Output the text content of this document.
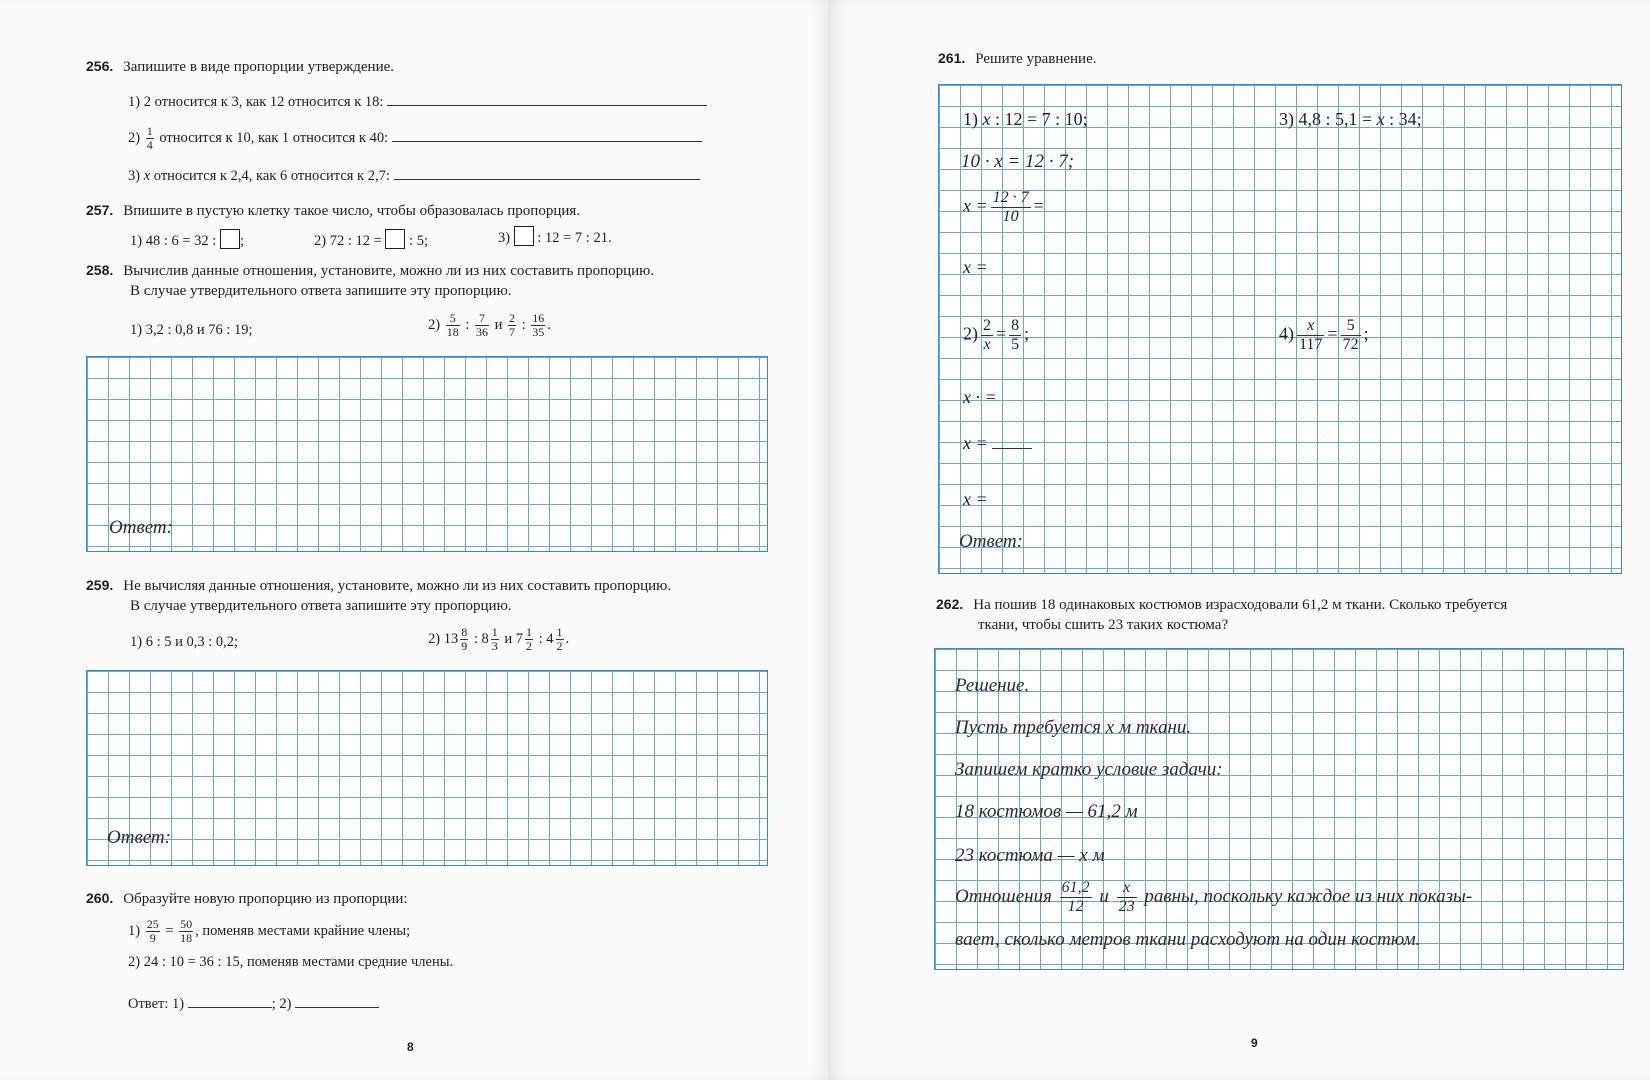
256. Запишите в виде пропорции утверждение.
1) 2 относится к 3, как 12 относится к 18:
$2) \frac{1}{4}$ относится к 10, как 1 относится к 40:
3) x относится к 2,4, как 6 относится к 2,7:
257. Впишите в пустую клетку такое число, чтобы образовалась пропорция.
1) 48 : 6 = 32 : ;	2) 72 : 12 = : 5;	3) : 12 = 7 : 21.
258. Вычислив данные отношения, установите, можно ли из них составить пропорцию.
В случае утвердительного ответа запишите эту пропорцию.
1) 3,2 : 0,8 и 76 : 19;	$2) \frac{5}{18}$ : $\frac{7}{36}$ и $\frac{2}{7}$ : $\frac{16}{35}$ .
Ответ:
259. Не вычисляя данные отношения, установите, можно ли из них составить пропорцию.
В случае утвердительного ответа запишите эту пропорцию.
1) 6 : 5 и 0,3 : 0,2;	2) $13 \frac{8}{9}$ : $8 \frac{1}{3}$ и $7 \frac{1}{2}$ : $4 \frac{1}{2}$ .
Ответ:
260. Образуйте новую пропорцию из пропорции:
$1) \frac{25}{9} = \frac{50}{18}$ , поменяв местами крайние члены;
2) 24 : 10 = 36 : 15, поменяв местами средние члены.
Ответ: 1)	; 2)
8
261. Решите уравнение.
1) x : 12 = 7 : 10;	3) 4,8 : 5,1 = x : 34;
10 · x = 12 · 7;
$x = \frac{12 \cdot 7}{10}$ =
x =
$2) \frac{2}{x} = \frac{8}{5}$ ;	$4) \frac{x}{117} = \frac{5}{72}$ ;
x · =
x =
x =
Ответ:
262. На пошив 18 одинаковых костюмов израсходовали 61,2 м ткани. Сколько требуется
ткани, чтобы сшить 23 таких костюма?
Решение.
Пусть требуется х м ткани.
Запишем кратко условие задачи:
18 костюмов — 61,2 м
23 костюма — х м
Отношения $\frac{61,2}{12}$ и $\frac{x}{23}$ равны, поскольку каждое из них показы-
вает, сколько метров ткани расходуют на один костюм.
9
